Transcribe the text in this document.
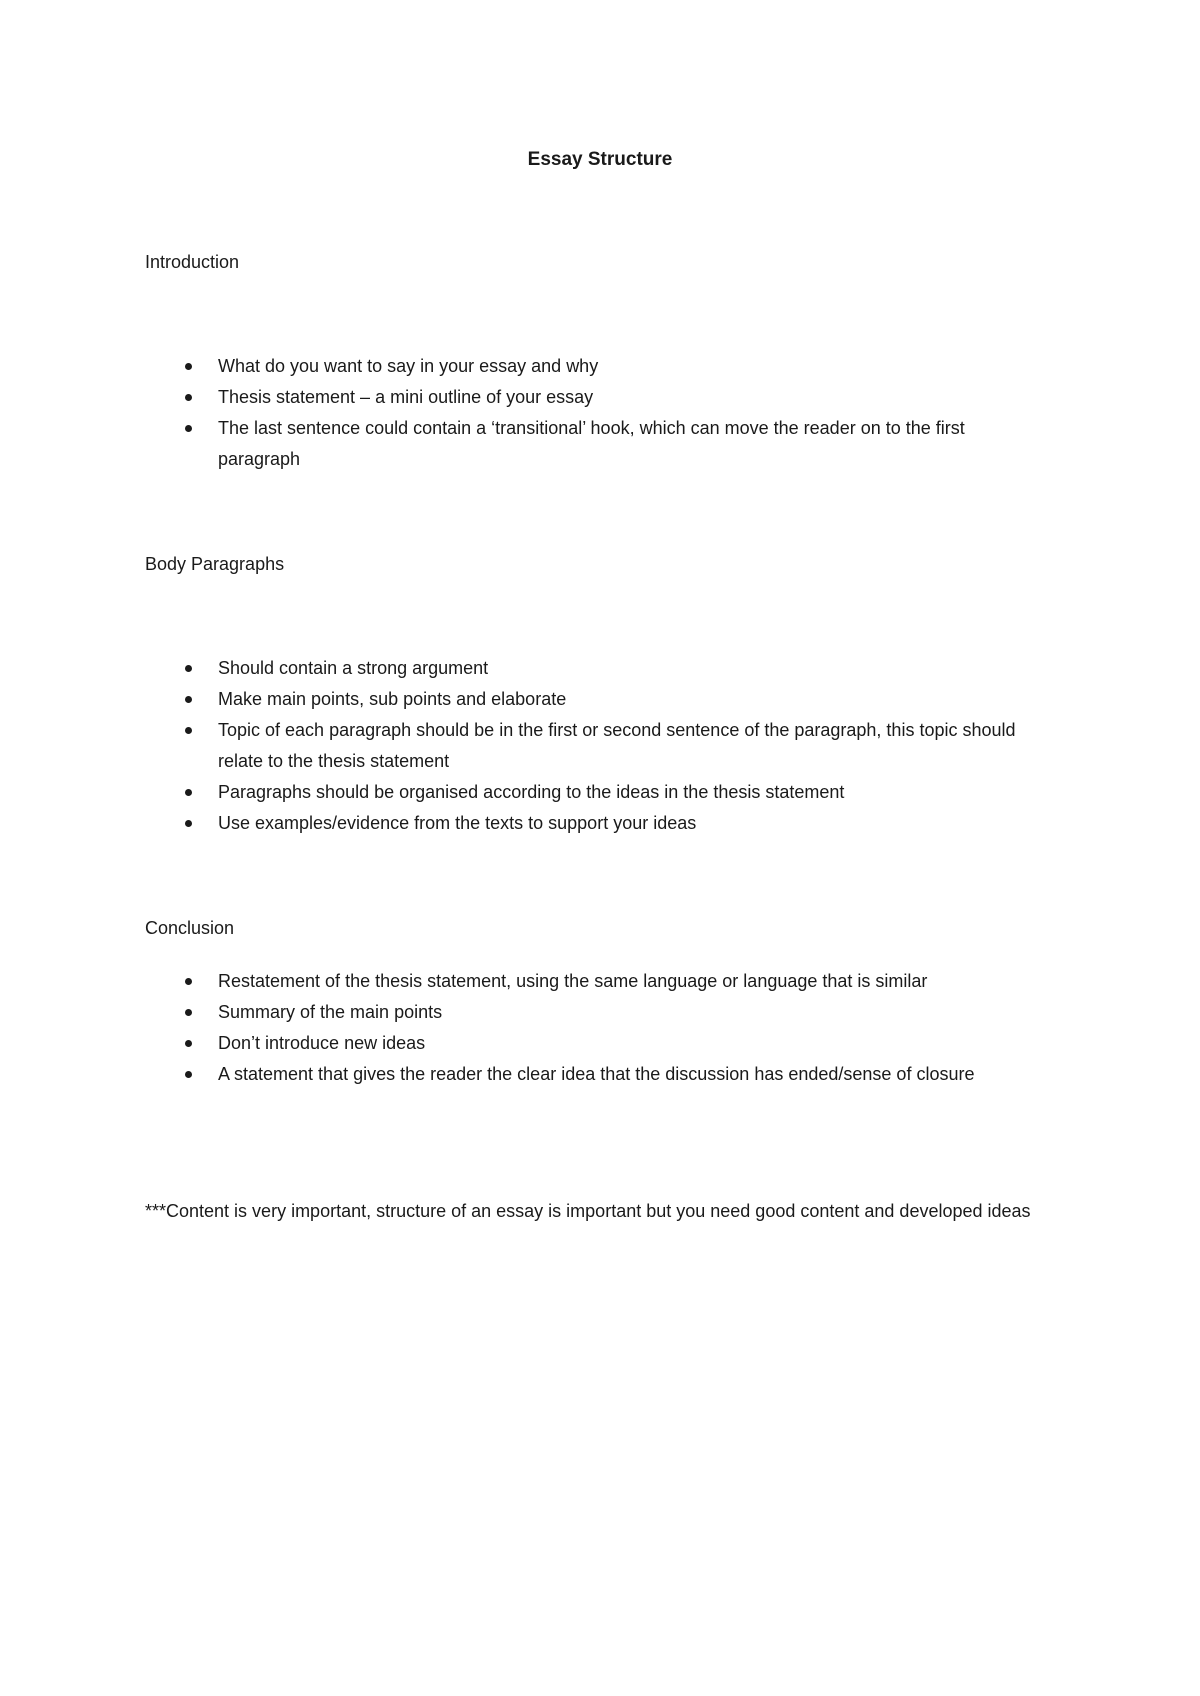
Essay Structure
Introduction
What do you want to say in your essay and why
Thesis statement – a mini outline of your essay
The last sentence could contain a ‘transitional’ hook, which can move the reader on to the first paragraph
Body Paragraphs
Should contain a strong argument
Make main points, sub points and elaborate
Topic of each paragraph should be in the first or second sentence of the paragraph, this topic should relate to the thesis statement
Paragraphs should be organised according to the ideas in the thesis statement
Use examples/evidence from the texts to support your ideas
Conclusion
Restatement of the thesis statement, using the same language or language that is similar
Summary of the main points
Don’t introduce new ideas
A statement that gives the reader the clear idea that the discussion has ended/sense of closure

***Content is very important, structure of an essay is important but you need good content and developed ideas
